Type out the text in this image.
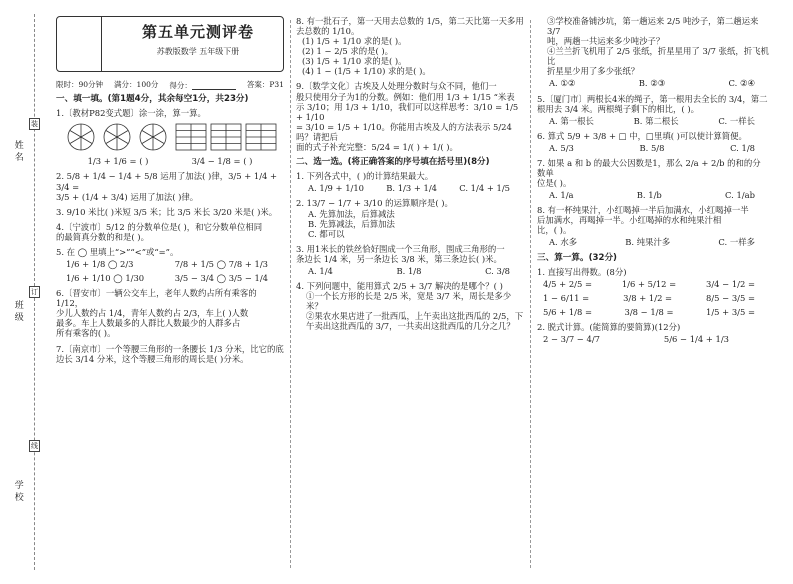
姓名
班级
学校
装
订
线
第五单元测评卷
苏教版数学 五年级下册
限时：90分钟 满分：100分 得分：	答案：P31
一、填一填。(第1题4分，其余每空1分，共23分)
1.〔教材P82变式题〕涂一涂，算一算。
1/3 + 1/6 = ( )	3/4 − 1/8 = ( )
2. 5/8 + 1/4 − 1/4 + 5/8 运用了加法( )律，3/5 + 1/4 + 3/4 =
3/5 + (1/4 + 3/4) 运用了加法( )律。
3. 9/10 米比( )米短 3/5 米；比 3/5 米长 3/20 米是( )米。
4.〔宁波市〕5/12 的分数单位是( )，和它分数单位相同
的最简真分数的和是( )。
5. 在 ◯ 里填上“>”“<”或“=”。
1/6 + 1/8 ◯ 2/3	7/8 + 1/5 ◯ 7/8 + 1/3
1/6 + 1/10 ◯ 1/30	3/5 − 3/4 ◯ 3/5 − 1/4
6.〔晋安市〕一辆公交车上，老年人数约占所有乘客的 1/12，
少儿人数约占 1/4，青年人数约占 2/3，车上( )人数
最多。车上人数最多的人群比人数最少的人群多占
所有乘客的( )。
7.〔南京市〕一个等腰三角形的一条腰长 1/3 分米，比它的底
边长 3/14 分米，这个等腰三角形的周长是( )分米。
8. 有一批石子，第一天用去总数的 1/5，第二天比第一天多用
去总数的 1/10。
(1) 1/5 + 1/10 求的是( )。
(2) 1 − 2/5 求的是( )。
(3) 1/5 + 1/10 求的是( )。
(4) 1 − (1/5 + 1/10) 求的是( )。
9.〔数学文化〕古埃及人处理分数时与众不同，他们一
般只使用分子为1的分数。例如：他们用 1/3 + 1/15 “米表
示 3/10；用 1/3 + 1/10，我们可以这样思考：3/10 = 1/5 + 1/10
= 3/10 = 1/5 + 1/10。你能用古埃及人的方法表示 5/24 吗？请把后
面的式子补充完整：5/24 = 1/( ) + 1/( )。
二、选一选。(将正确答案的序号填在括号里)(8分)
1. 下列各式中，( )的计算结果最大。
A. 1/9 + 1/10	B. 1/3 + 1/4	C. 1/4 + 1/5
2. 13/7 − 1/7 + 3/10 的运算顺序是( )。
A. 先算加法，后算减法
B. 先算减法，后算加法
C. 都可以
3. 用1米长的铁丝恰好围成一个三角形，围成三角形的一
条边长 1/4 米，另一条边长 3/8 米，第三条边长( )米。
A. 1/4	B. 1/8	C. 3/8
4. 下列问题中，能用算式 2/5 + 3/7 解决的是哪个？( )
①一个长方形的长是 2/5 米，宽是 3/7 米，周长是多少米？
②果农水果店进了一批西瓜，上午卖出这批西瓜的 2/5，下
午卖出这批西瓜的 3/7，一共卖出这批西瓜的几分之几？
③学校准备铺沙坑，第一趟运来 2/5 吨沙子，第二趟运来 3/7
吨，两趟一共运来多少吨沙子？
④兰兰折飞机用了 2/5 张纸，折星星用了 3/7 张纸，折飞机比
折星星少用了多少张纸？
A. ①②	B. ②③	C. ②④
5.〔厦门市〕两根长4米的绳子，第一根用去全长的 3/4，第二
根用去 3/4 米。两根绳子剩下的相比，( )。
A. 第一根长	B. 第二根长	C. 一样长
6. 算式 5/9 + 3/8 + □ 中，□里填( )可以使计算简便。
A. 5/3	B. 5/8	C. 1/8
7. 如果 a 和 b 的最大公因数是1，那么 2/a + 2/b 的和的分数单
位是( )。
A. 1/a	B. 1/b	C. 1/ab
8. 有一杯纯果汁，小红喝掉一半后加满水，小红喝掉一半
后加满水，再喝掉一半。小红喝掉的水和纯果汁相
比，( )。
A. 水多	B. 纯果汁多	C. 一样多
三、算一算。(32分)
1. 直接写出得数。(8分)
4/5 + 2/5 =	1/6 + 5/12 =	3/4 − 1/2 =
1 − 6/11 =	3/8 + 1/2 =	8/5 − 3/5 =
5/6 + 1/8 =	3/8 − 1/8 =	1/5 + 3/5 =
2. 脱式计算。(能简算的要简算)(12分)
2 − 3/7 − 4/7	5/6 − 1/4 + 1/3
